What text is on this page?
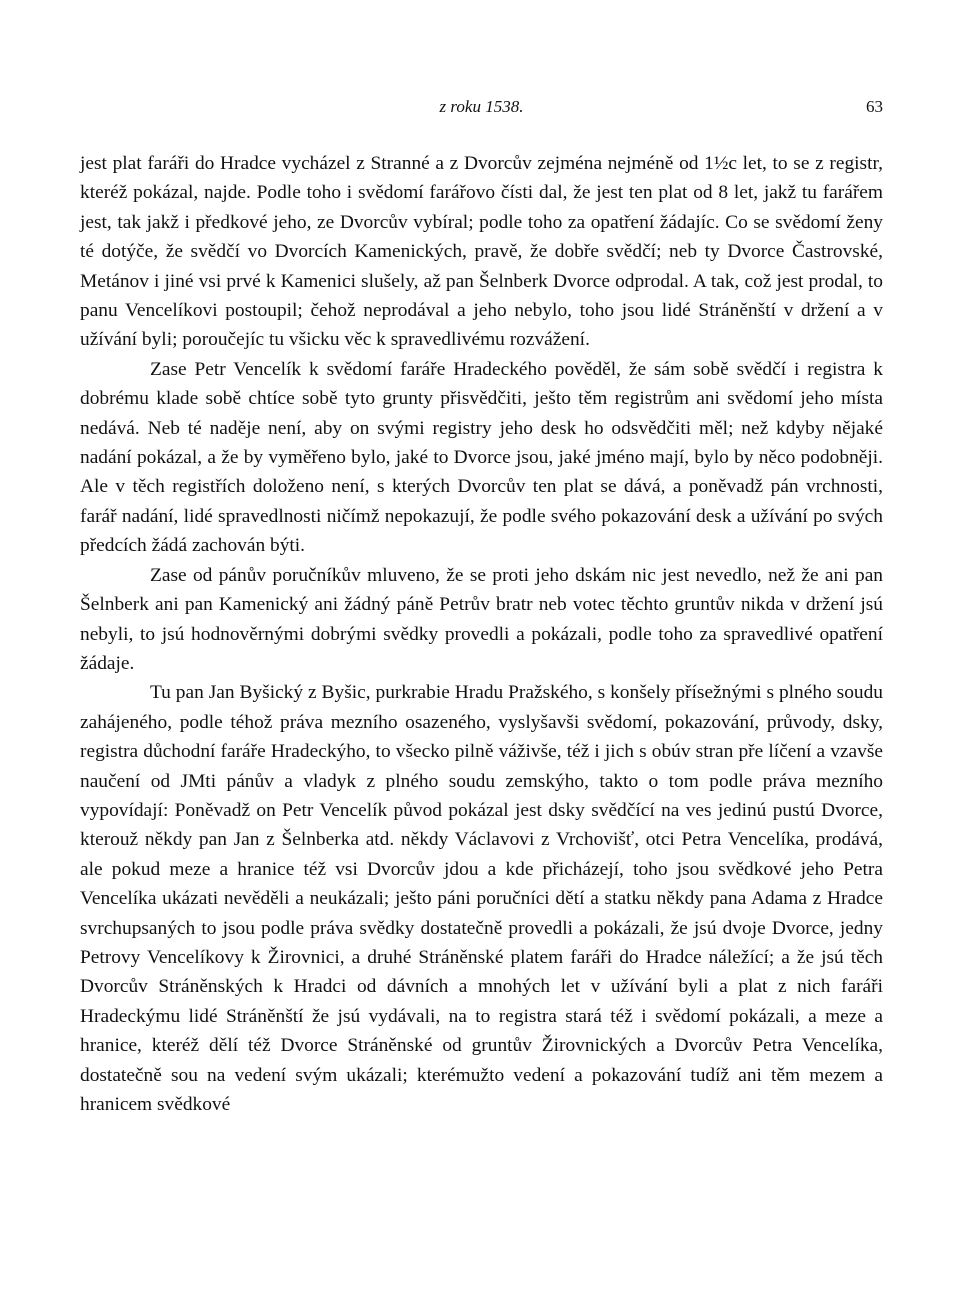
z roku 1538.	63

jest plat faráři do Hradce vycházel z Stranné a z Dvorcův zejména nejméně od 1½c let, to se z registr, kteréž pokázal, najde. Podle toho i svědomí farářovo čísti dal, že jest ten plat od 8 let, jakž tu farářem jest, tak jakž i předkové jeho, ze Dvorcův vybíral; podle toho za opatření žádajíc. Co se svědomí ženy té dotýče, že svědčí vo Dvorcích Kamenických, pravě, že dobře svědčí; neb ty Dvorce Častrovské, Metánov i jiné vsi prvé k Kamenici slušely, až pan Šelnberk Dvorce odprodal. A tak, což jest prodal, to panu Vencelíkovi postoupil; čehož neprodával a jeho nebylo, toho jsou lidé Stráněnští v držení a v užívání byli; poroučejíc tu všicku věc k spravedlivému rozvážení.

Zase Petr Vencelík k svědomí faráře Hradeckého pověděl, že sám sobě svědčí i registra k dobrému klade sobě chtíce sobě tyto grunty přisvědčiti, ješto těm registrům ani svědomí jeho místa nedává. Neb té naděje není, aby on svými registry jeho desk ho odsvědčiti měl; než kdyby nějaké nadání pokázal, a že by vyměřeno bylo, jaké to Dvorce jsou, jaké jméno mají, bylo by něco podobněji. Ale v těch registřích doloženo není, s kterých Dvorcův ten plat se dává, a poněvadž pán vrchnosti, farář nadání, lidé spravedlnosti ničímž nepokazují, že podle svého pokazování desk a užívání po svých předcích žádá zachován býti.

Zase od pánův poručníkův mluveno, že se proti jeho dskám nic jest nevedlo, než že ani pan Šelnberk ani pan Kamenický ani žádný páně Petrův bratr neb votec těchto gruntův nikda v držení jsú nebyli, to jsú hodnověrnými dobrými svědky provedli a pokázali, podle toho za spravedlivé opatření žádaje.

Tu pan Jan Byšický z Byšic, purkrabie Hradu Pražského, s konšely přísežnými s plného soudu zahájeného, podle téhož práva mezního osazeného, vyslyšavši svědomí, pokazování, průvody, dsky, registra důchodní faráře Hradeckýho, to všecko pilně váživše, též i jich s obúv stran pře líčení a vzavše naučení od JMti pánův a vladyk z plného soudu zemskýho, takto o tom podle práva mezního vypovídají: Poněvadž on Petr Vencelík původ pokázal jest dsky svědčící na ves jedinú pustú Dvorce, kterouž někdy pan Jan z Šelnberka atd. někdy Václavovi z Vrchovišť, otci Petra Vencelíka, prodává, ale pokud meze a hranice též vsi Dvorcův jdou a kde přicházejí, toho jsou svědkové jeho Petra Vencelíka ukázati nevěděli a neukázali; ješto páni poručníci dětí a statku někdy pana Adama z Hradce svrchupsaných to jsou podle práva svědky dostatečně provedli a pokázali, že jsú dvoje Dvorce, jedny Petrovy Vencelíkovy k Žirovnici, a druhé Stráněnské platem faráři do Hradce náležící; a že jsú těch Dvorcův Stráněnských k Hradci od dávních a mnohých let v užívání byli a plat z nich faráři Hradeckýmu lidé Stráněnští že jsú vydávali, na to registra stará též i svědomí pokázali, a meze a hranice, kteréž dělí též Dvorce Stráněnské od gruntův Žirovnických a Dvorcův Petra Vencelíka, dostatečně sou na vedení svým ukázali; kterémužto vedení a pokazování tudíž ani těm mezem a hranicem svědkové
